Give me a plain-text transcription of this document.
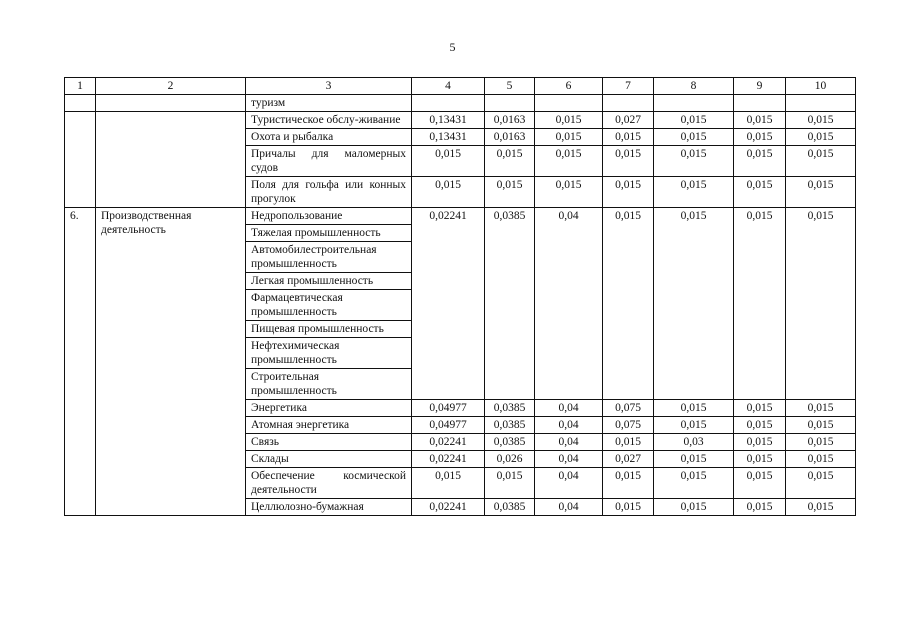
5
1	2	3	4	5	6	7	8	9	10
		туризм							
		Туристическое обслу-живание	0,13431	0,0163	0,015	0,027	0,015	0,015	0,015
		Охота и рыбалка	0,13431	0,0163	0,015	0,015	0,015	0,015	0,015
		Причалы для маломерных судов	0,015	0,015	0,015	0,015	0,015	0,015	0,015
		Поля для гольфа или конных прогулок	0,015	0,015	0,015	0,015	0,015	0,015	0,015
6.	Производственная деятельность	Недропользование	0,02241	0,0385	0,04	0,015	0,015	0,015	0,015
		Тяжелая промышленность							
		Автомобилестроительная промышленность							
		Легкая промышленность							
		Фармацевтическая промышленность							
		Пищевая промышленность							
		Нефтехимическая промышленность							
		Строительная промышленность							
		Энергетика	0,04977	0,0385	0,04	0,075	0,015	0,015	0,015
		Атомная энергетика	0,04977	0,0385	0,04	0,075	0,015	0,015	0,015
		Связь	0,02241	0,0385	0,04	0,015	0,03	0,015	0,015
		Склады	0,02241	0,026	0,04	0,027	0,015	0,015	0,015
		Обеспечение космической деятельности	0,015	0,015	0,04	0,015	0,015	0,015	0,015
		Целлюлозно-бумажная	0,02241	0,0385	0,04	0,015	0,015	0,015	0,015
